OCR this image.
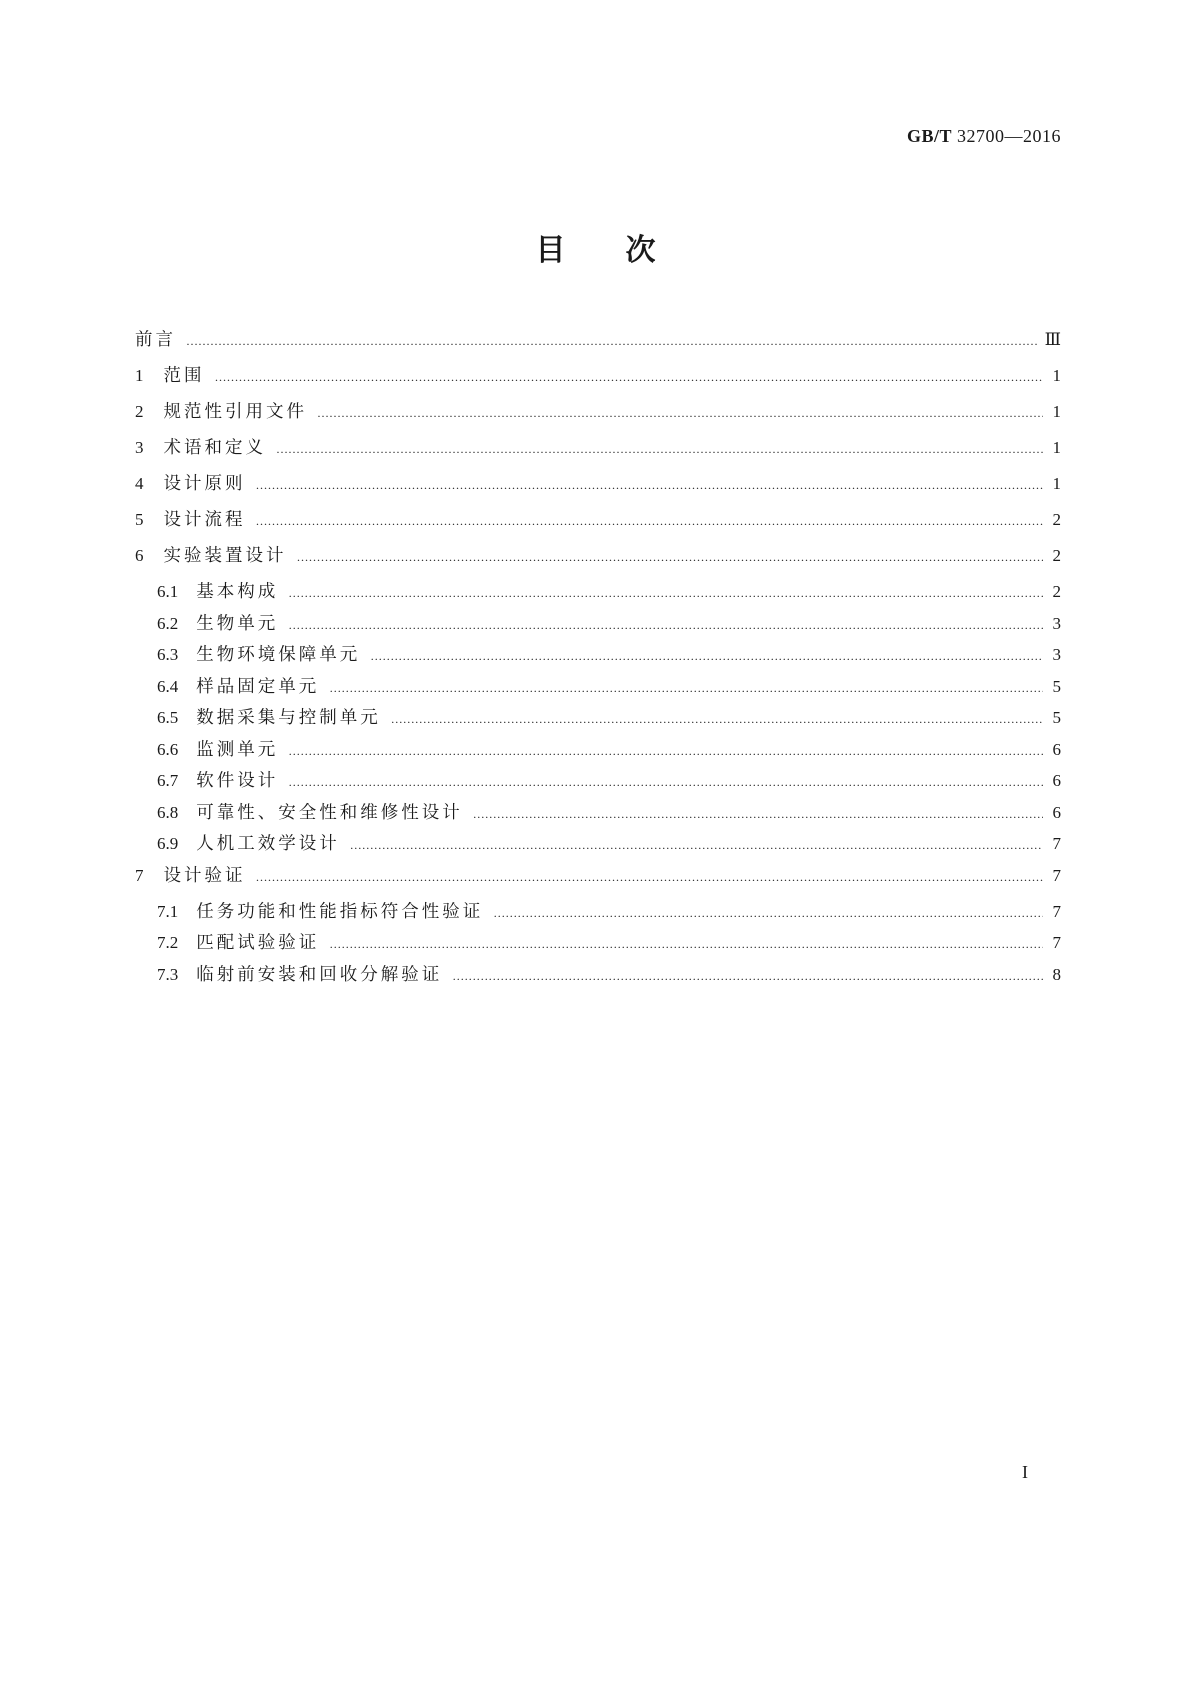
GB/T 32700—2016
目次
前言 …………………………………………………………………………………………………………………………………………………………………………………………………………………………………………………	Ⅲ
1 范围 …………………………………………………………………………………………………………………………………………………………………………………………………………………………………………………	1
2 规范性引用文件 …………………………………………………………………………………………………………………………………………………………………………………………………………………………………………………	1
3 术语和定义 …………………………………………………………………………………………………………………………………………………………………………………………………………………………………………………	1
4 设计原则 …………………………………………………………………………………………………………………………………………………………………………………………………………………………………………………	1
5 设计流程 …………………………………………………………………………………………………………………………………………………………………………………………………………………………………………………	2
6 实验装置设计 …………………………………………………………………………………………………………………………………………………………………………………………………………………………………………………	2
6.1 基本构成 …………………………………………………………………………………………………………………………………………………………………………………………………………………………………………………	2
6.2 生物单元 …………………………………………………………………………………………………………………………………………………………………………………………………………………………………………………	3
6.3 生物环境保障单元 …………………………………………………………………………………………………………………………………………………………………………………………………………………………………………………	3
6.4 样品固定单元 …………………………………………………………………………………………………………………………………………………………………………………………………………………………………………………	5
6.5 数据采集与控制单元 …………………………………………………………………………………………………………………………………………………………………………………………………………………………………………………	5
6.6 监测单元 …………………………………………………………………………………………………………………………………………………………………………………………………………………………………………………	6
6.7 软件设计 …………………………………………………………………………………………………………………………………………………………………………………………………………………………………………………	6
6.8 可靠性、安全性和维修性设计 …………………………………………………………………………………………………………………………………………………………………………………………………………………………………………………	6
6.9 人机工效学设计 …………………………………………………………………………………………………………………………………………………………………………………………………………………………………………………	7
7 设计验证 …………………………………………………………………………………………………………………………………………………………………………………………………………………………………………………	7
7.1 任务功能和性能指标符合性验证 …………………………………………………………………………………………………………………………………………………………………………………………………………………………………………………	7
7.2 匹配试验验证 …………………………………………………………………………………………………………………………………………………………………………………………………………………………………………………	7
7.3 临射前安装和回收分解验证 …………………………………………………………………………………………………………………………………………………………………………………………………………………………………………………	8
I
